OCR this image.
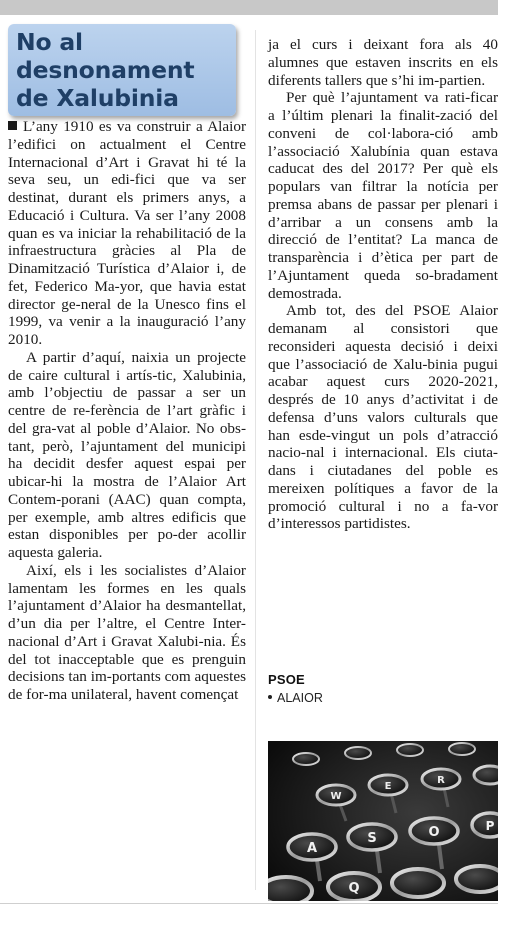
No al desnonament de Xalubinia

L’any 1910 es va construir a Alaior l’edifici on actualment el Centre Internacional d’Art i Gravat hi té la seva seu, un edi-fici que va ser destinat, durant els primers anys, a Educació i Cultura. Va ser l’any 2008 quan es va iniciar la rehabilitació de la infraestructura gràcies al Pla de Dinamització Turística d’Alaior i, de fet, Federico Ma-yor, que havia estat director ge-neral de la Unesco fins el 1999, va venir a la inauguració l’any 2010.

A partir d’aquí, naixia un projecte de caire cultural i artís-tic, Xalubinia, amb l’objectiu de passar a ser un centre de re-ferència de l’art gràfic i del gra-vat al poble d’Alaior. No obs-tant, però, l’ajuntament del municipi ha decidit desfer aquest espai per ubicar-hi la mostra de l’Alaior Art Contem-porani (AAC) quan compta, per exemple, amb altres edificis que estan disponibles per po-der acollir aquesta galeria.

Així, els i les socialistes d’Alaior lamentam les formes en les quals l’ajuntament d’Alaior ha desmantellat, d’un dia per l’altre, el Centre Inter-nacional d’Art i Gravat Xalubi-nia. És del tot inacceptable que es prenguin decisions tan im-portants com aquestes de for-ma unilateral, havent començat

ja el curs i deixant fora als 40 alumnes que estaven inscrits en els diferents tallers que s’hi im-partien.

Per què l’ajuntament va rati-ficar a l’últim plenari la finalit-zació del conveni de col·labora-ció amb l’associació Xalubínia quan estava caducat des del 2017? Per què els populars van filtrar la notícia per premsa abans de passar per plenari i d’arribar a un consens amb la direcció de l’entitat? La manca de transparència i d’ètica per part de l’Ajuntament queda so-bradament demostrada.

Amb tot, des del PSOE Alaior demanam al consistori que reconsideri aquesta decisió i deixi que l’associació de Xalu-binia pugui acabar aquest curs 2020-2021, després de 10 anys d’activitat i de defensa d’uns valors culturals que han esde-vingut un pols d’atracció nacio-nal i internacional. Els ciuta-dans i ciutadanes del poble es mereixen polítiques a favor de la promoció cultural i no a fa-vor d’interessos partidistes.

PSOE
ALAIOR
W
E
R
A
S	O	P
Q
